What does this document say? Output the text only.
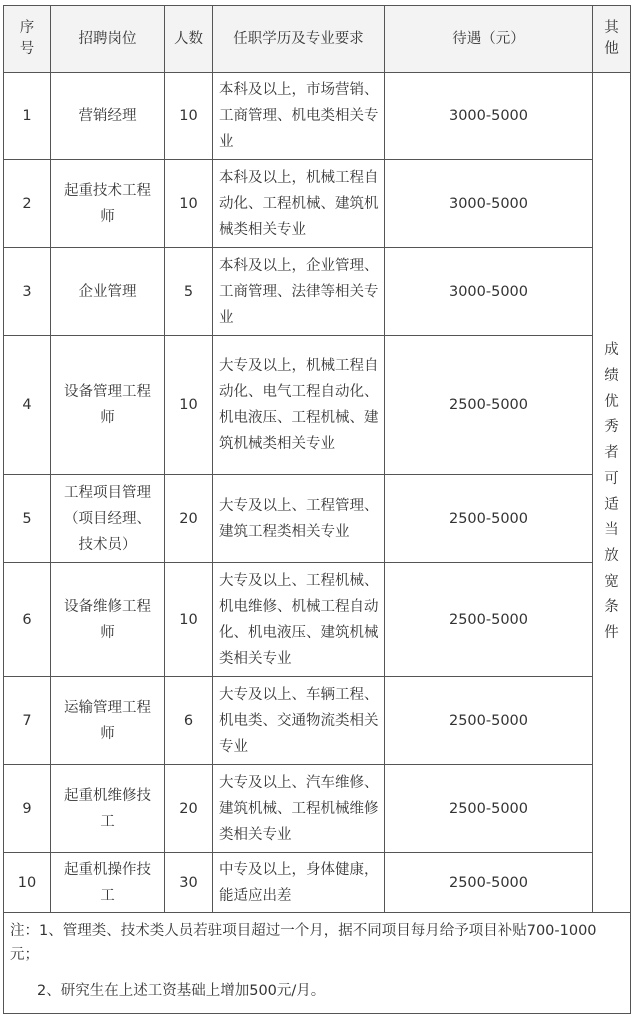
序号	招聘岗位	人数	任职学历及专业要求	待遇（元）	其他

1	营销经理	10	本科及以上，市场营销、工商管理、机电类相关专业	3000-5000	成绩优秀者可适当放宽条件

2	起重技术工程师	10	本科及以上，机械工程自动化、工程机械、建筑机械类相关专业	3000-5000	
3	企业管理	5	本科及以上，企业管理、工商管理、法律等相关专业	3000-5000	
4	设备管理工程师	10	大专及以上，机械工程自动化、电气工程自动化、机电液压、工程机械、建筑机械类相关专业	2500-5000	
5	工程项目管理（项目经理、技术员）	20	大专及以上、工程管理、建筑工程类相关专业	2500-5000	
6	设备维修工程师	10	大专及以上、工程机械、机电维修、机械工程自动化、机电液压、建筑机械类相关专业	2500-5000	
7	运输管理工程师	6	大专及以上、车辆工程、机电类、交通物流类相关专业	2500-5000	
9	起重机维修技工	20	大专及以上、汽车维修、建筑机械、工程机械维修类相关专业	2500-5000	
10	起重机操作技工	30	中专及以上，身体健康，能适应出差	2500-5000	

注：1、管理类、技术类人员若驻项目超过一个月，据不同项目每月给予项目补贴700-1000元；

2、研究生在上述工资基础上增加500元/月。					
